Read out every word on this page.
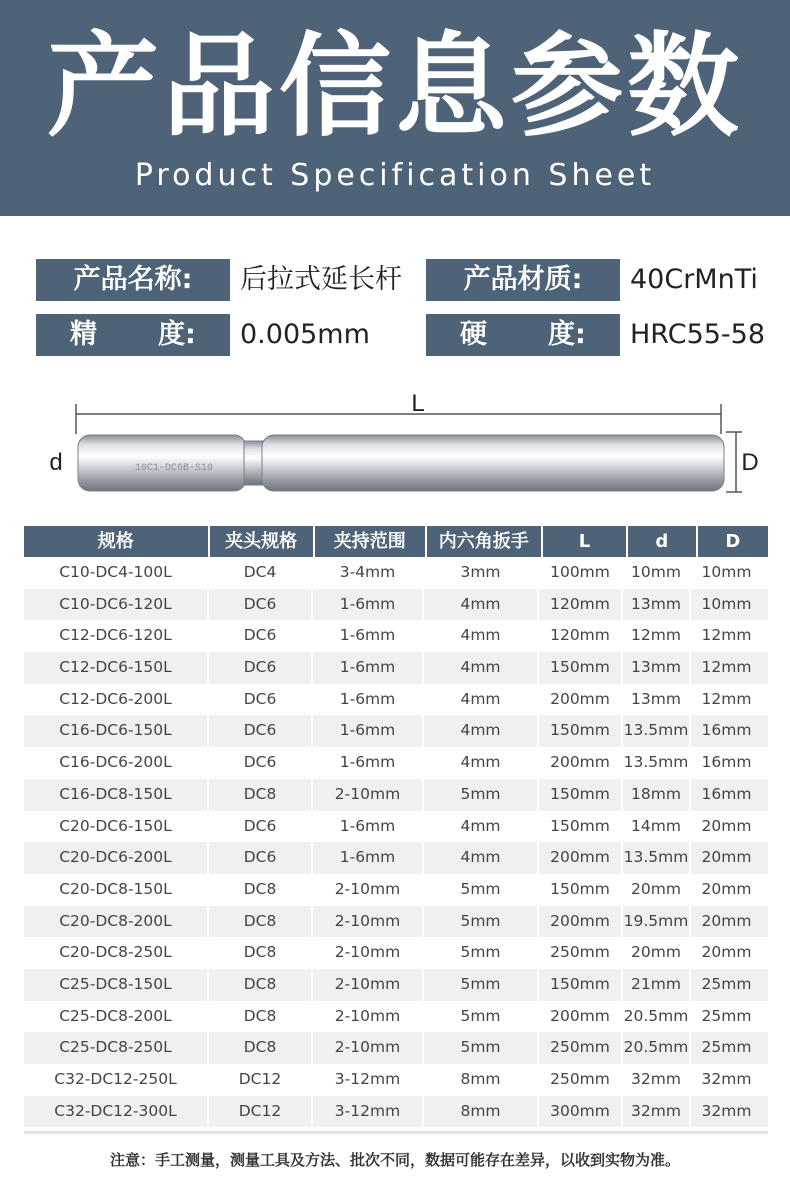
产品信息参数
Product Specification Sheet
产品名称:	后拉式延长杆	产品材质:	40CrMnTi
精 度: 0.005mm	硬 度: HRC55-58
L
d	D
10C1-DC6B-S10
规格	夹头规格	夹持范围	内六角扳手	L	d	D
C10-DC4-100L	DC4	3-4mm	3mm	100mm	10mm	10mm
C10-DC6-120L	DC6	1-6mm	4mm	120mm	13mm	10mm
C12-DC6-120L	DC6	1-6mm	4mm	120mm	12mm	12mm
C12-DC6-150L	DC6	1-6mm	4mm	150mm	13mm	12mm
C12-DC6-200L	DC6	1-6mm	4mm	200mm	13mm	12mm
C16-DC6-150L	DC6	1-6mm	4mm	150mm 13.5mm 16mm
C16-DC6-200L	DC6	1-6mm	4mm	200mm 13.5mm 16mm
C16-DC8-150L	DC8	2-10mm	5mm	150mm	18mm	16mm
C20-DC6-150L	DC6	1-6mm	4mm	150mm	14mm	20mm
C20-DC6-200L	DC6	1-6mm	4mm	200mm 13.5mm 20mm
C20-DC8-150L	DC8	2-10mm	5mm	150mm	20mm	20mm
C20-DC8-200L	DC8	2-10mm	5mm	200mm 19.5mm 20mm
C20-DC8-250L	DC8	2-10mm	5mm	250mm	20mm	20mm
C25-DC8-150L	DC8	2-10mm	5mm	150mm	21mm	25mm
C25-DC8-200L	DC8	2-10mm	5mm	200mm 20.5mm 25mm
C25-DC8-250L	DC8	2-10mm	5mm	250mm 20.5mm 25mm
C32-DC12-250L	DC12	3-12mm	8mm	250mm	32mm	32mm
C32-DC12-300L	DC12	3-12mm	8mm	300mm	32mm	32mm
注意：手工测量，测量工具及方法、批次不同，数据可能存在差异，以收到实物为准。
